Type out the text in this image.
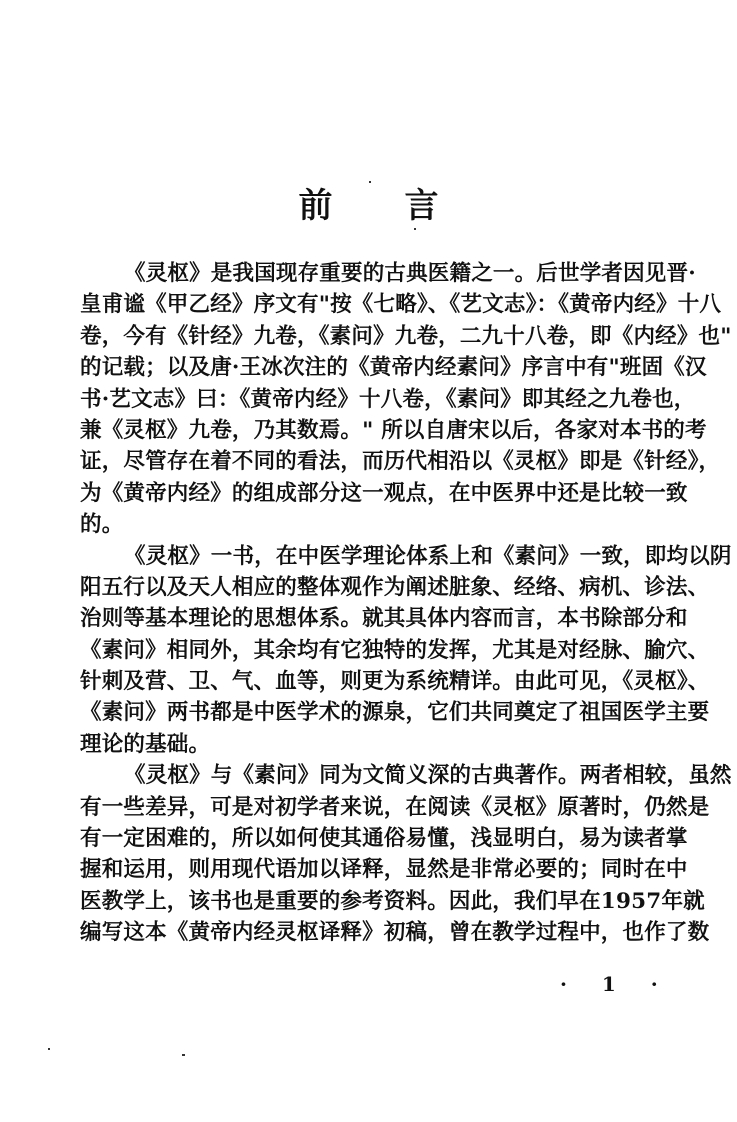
前 言
《灵枢》是我国现存重要的古典医籍之一。后世学者因见晋·
皇甫谧《甲乙经》序文有"按《七略》、《艺文志》：《黄帝内经》十八
卷，今有《针经》九卷，《素问》九卷，二九十八卷，即《内经》也"
的记载；以及唐·王冰次注的《黄帝内经素问》序言中有"班固《汉
书·艺文志》曰：《黄帝内经》十八卷，《素问》即其经之九卷也，
兼《灵枢》九卷，乃其数焉。" 所以自唐宋以后，各家对本书的考
证，尽管存在着不同的看法，而历代相沿以《灵枢》即是《针经》，
为《黄帝内经》的组成部分这一观点，在中医界中还是比较一致
的。
《灵枢》一书，在中医学理论体系上和《素问》一致，即均以阴
阳五行以及天人相应的整体观作为阐述脏象、经络、病机、诊法、
治则等基本理论的思想体系。就其具体内容而言，本书除部分和
《素问》相同外，其余均有它独特的发挥，尤其是对经脉、腧穴、
针刺及营、卫、气、血等，则更为系统精详。由此可见，《灵枢》、
《素问》两书都是中医学术的源泉，它们共同奠定了祖国医学主要
理论的基础。
《灵枢》与《素问》同为文简义深的古典著作。两者相较，虽然
有一些差异，可是对初学者来说，在阅读《灵枢》原著时，仍然是
有一定困难的，所以如何使其通俗易懂，浅显明白，易为读者掌
握和运用，则用现代语加以译释，显然是非常必要的；同时在中
医教学上，该书也是重要的参考资料。因此，我们早在1957年就
编写这本《黄帝内经灵枢译释》初稿，曾在教学过程中，也作了数
· 1 ·
